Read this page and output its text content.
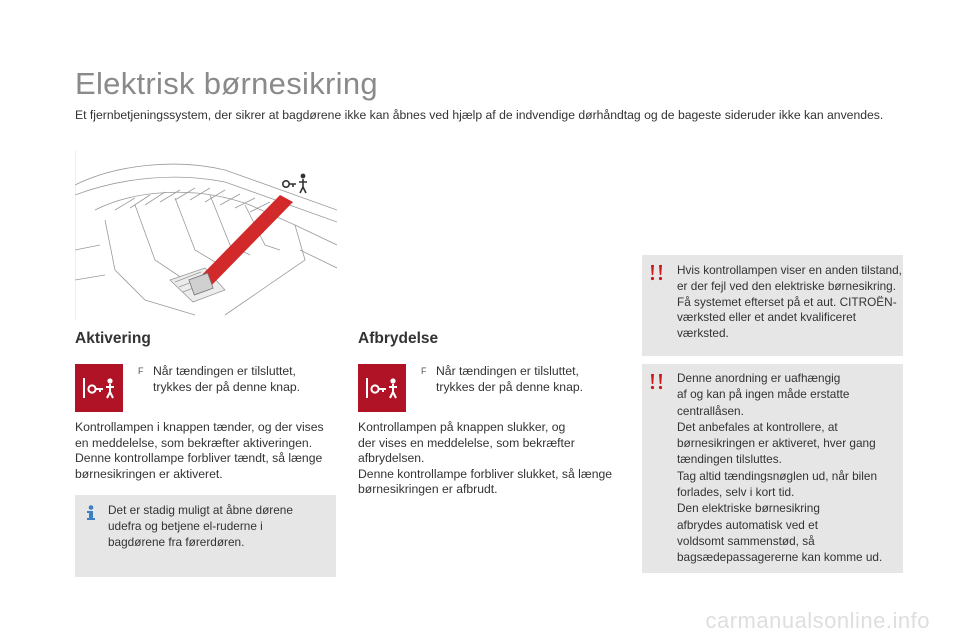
Elektrisk børnesikring
Et fjernbetjeningssystem, der sikrer at bagdørene ikke kan åbnes ved hjælp af de indvendige dørhåndtag og de bageste sideruder ikke kan anvendes.
Aktivering
F Når tændingen er tilsluttet,
trykkes der på denne knap.
Kontrollampen i knappen tænder, og der vises
en meddelelse, som bekræfter aktiveringen.
Denne kontrollampe forbliver tændt, så længe
børnesikringen er aktiveret.
Det er stadig muligt at åbne dørene
udefra og betjene el-ruderne i
bagdørene fra førerdøren.
Afbrydelse
F Når tændingen er tilsluttet,
trykkes der på denne knap.
Kontrollampen på knappen slukker, og
der vises en meddelelse, som bekræfter
afbrydelsen.
Denne kontrollampe forbliver slukket, så længe
børnesikringen er afbrudt.
Hvis kontrollampen viser en anden tilstand,
er der fejl ved den elektriske børnesikring.
Få systemet efterset på et aut. CITROËN-
værksted eller et andet kvalificeret
værksted.
Denne anordning er uafhængig
af og kan på ingen måde erstatte
centrallåsen.
Det anbefales at kontrollere, at
børnesikringen er aktiveret, hver gang
tændingen tilsluttes.
Tag altid tændingsnøglen ud, når bilen
forlades, selv i kort tid.
Den elektriske børnesikring
afbrydes automatisk ved et
voldsomt sammenstød, så
bagsædepassagererne kan komme ud.
carmanualsonline.info
